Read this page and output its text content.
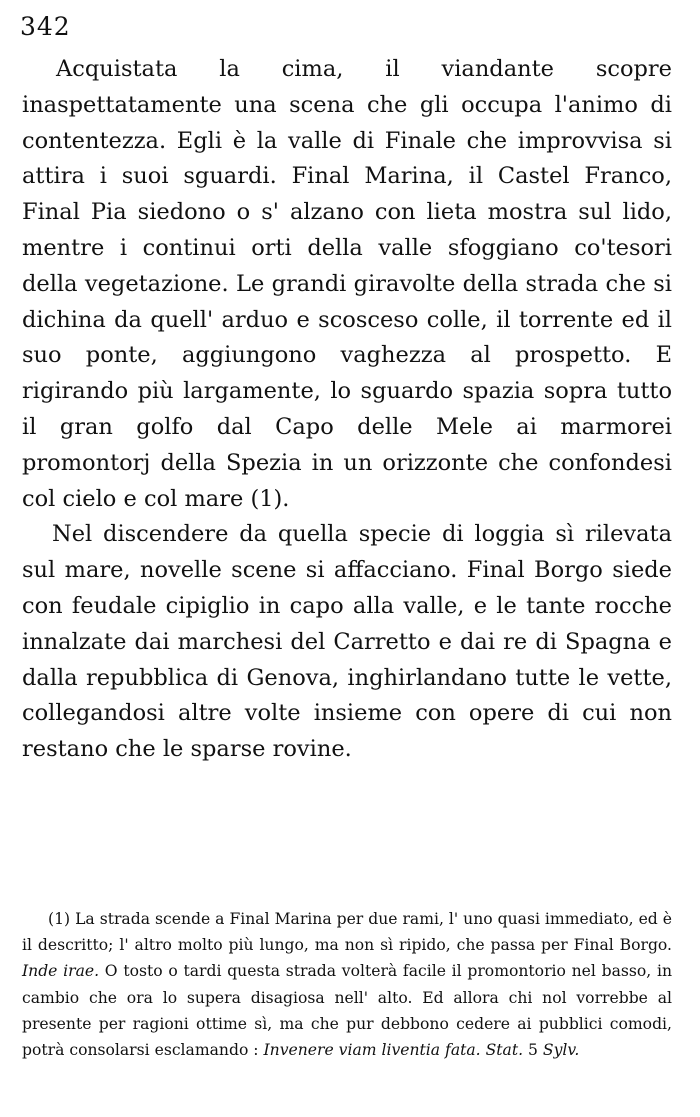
342

Acquistata la cima, il viandante scopre inaspettatamente una scena che gli occupa l'animo di contentezza. Egli è la valle di Finale che improvvisa si attira i suoi sguardi. Final Marina, il Castel Franco, Final Pia siedono o s' alzano con lieta mostra sul lido, mentre i continui orti della valle sfoggiano co'tesori della vegetazione. Le grandi giravolte della strada che si dichina da quell' arduo e scosceso colle, il torrente ed il suo ponte, aggiungono vaghezza al prospetto. E rigirando più largamente, lo sguardo spazia sopra tutto il gran golfo dal Capo delle Mele ai marmorei promontorj della Spezia in un orizzonte che confondesi col cielo e col mare (1).

Nel discendere da quella specie di loggia sì rilevata sul mare, novelle scene si affacciano. Final Borgo siede con feudale cipiglio in capo alla valle, e le tante rocche innalzate dai marchesi del Carretto e dai re di Spagna e dalla repubblica di Genova, inghirlandano tutte le vette, collegandosi altre volte insieme con opere di cui non restano che le sparse rovine.

(1) La strada scende a Final Marina per due rami, l' uno quasi immediato, ed è il descritto; l' altro molto più lungo, ma non sì ripido, che passa per Final Borgo. Inde irae. O tosto o tardi questa strada volterà facile il promontorio nel basso, in cambio che ora lo supera disagiosa nell' alto. Ed allora chi nol vorrebbe al presente per ragioni ottime sì, ma che pur debbono cedere ai pubblici comodi, potrà consolarsi esclamando : Invenere viam liventia fata. Stat. 5 Sylv.
